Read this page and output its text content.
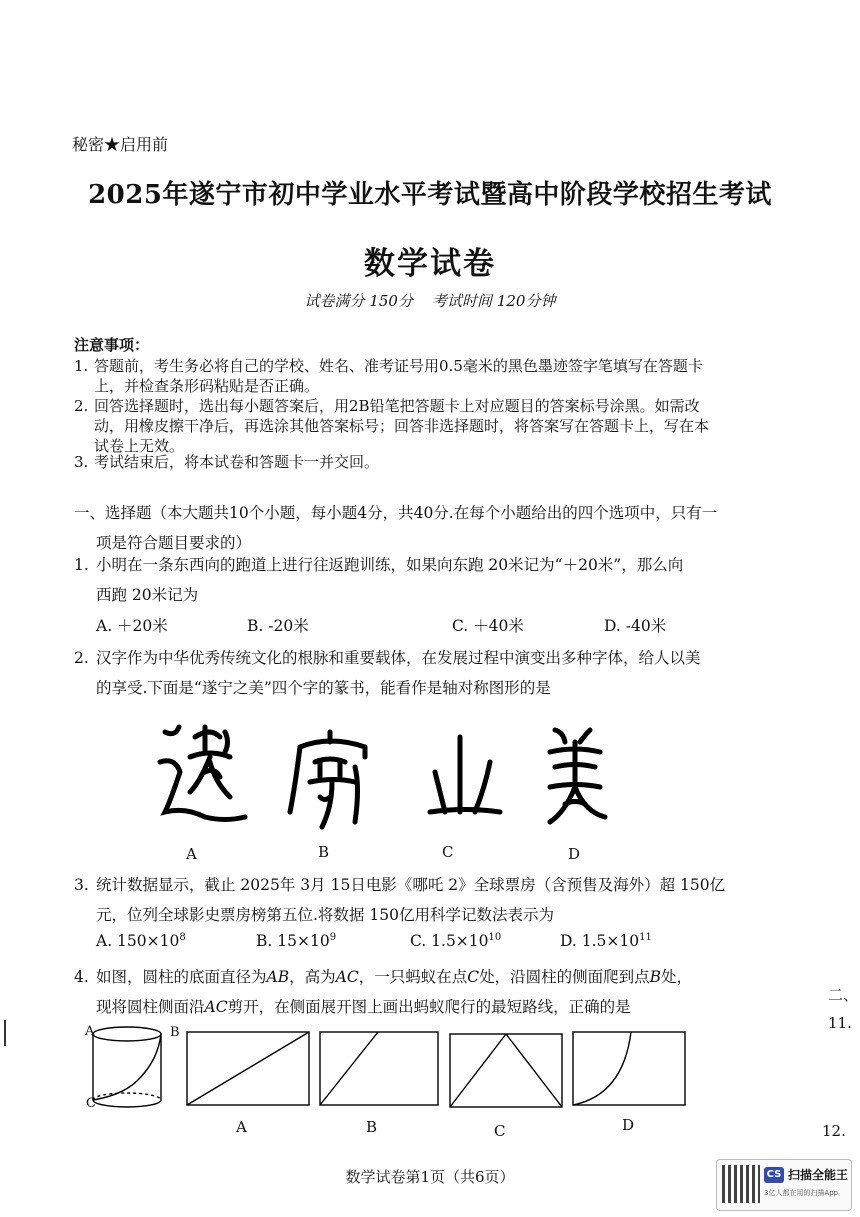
秘密★启用前
2025年遂宁市初中学业水平考试暨高中阶段学校招生考试
数学试卷
试卷满分 150分 考试时间 120分钟
注意事项：
1. 答题前，考生务必将自己的学校、姓名、准考证号用0.5毫米的黑色墨迹签字笔填写在答题卡上，并检查条形码粘贴是否正确。
2. 回答选择题时，选出每小题答案后，用2B铅笔把答题卡上对应题目的答案标号涂黑。如需改动，用橡皮擦干净后，再选涂其他答案标号；回答非选择题时，将答案写在答题卡上，写在本试卷上无效。
3. 考试结束后，将本试卷和答题卡一并交回。
一、选择题（本大题共10个小题，每小题4分，共40分.在每个小题给出的四个选项中，只有一
项是符合题目要求的）
1. 小明在一条东西向的跑道上进行往返跑训练，如果向东跑 20米记为“＋20米”，那么向
西跑 20米记为
A. ＋20米	B. -20米	C. ＋40米	D. -40米
2. 汉字作为中华优秀传统文化的根脉和重要载体，在发展过程中演变出多种字体，给人以美
的享受.下面是“遂宁之美”四个字的篆书，能看作是轴对称图形的是
A	B	C	D
3. 统计数据显示，截止 2025年 3月 15日电影《哪吒 2》全球票房（含预售及海外）超 150亿
元，位列全球影史票房榜第五位.将数据 150亿用科学记数法表示为
A. $150\times 10^8$	B. $15\times 10^9$	C. $1.5\times 10^{10}$	D. $1.5\times 10^{11}$
4. 如图，圆柱的底面直径为AB，高为AC，一只蚂蚁在点C处，沿圆柱的侧面爬到点B处，
现将圆柱侧面沿AC剪开，在侧面展开图上画出蚂蚁爬行的最短路线，正确的是
A	B
C
A	B	C	D
数学试卷第1页（共6页）
二、
11.
12.
CS 扫描全能王
3亿人都在用的扫描App
